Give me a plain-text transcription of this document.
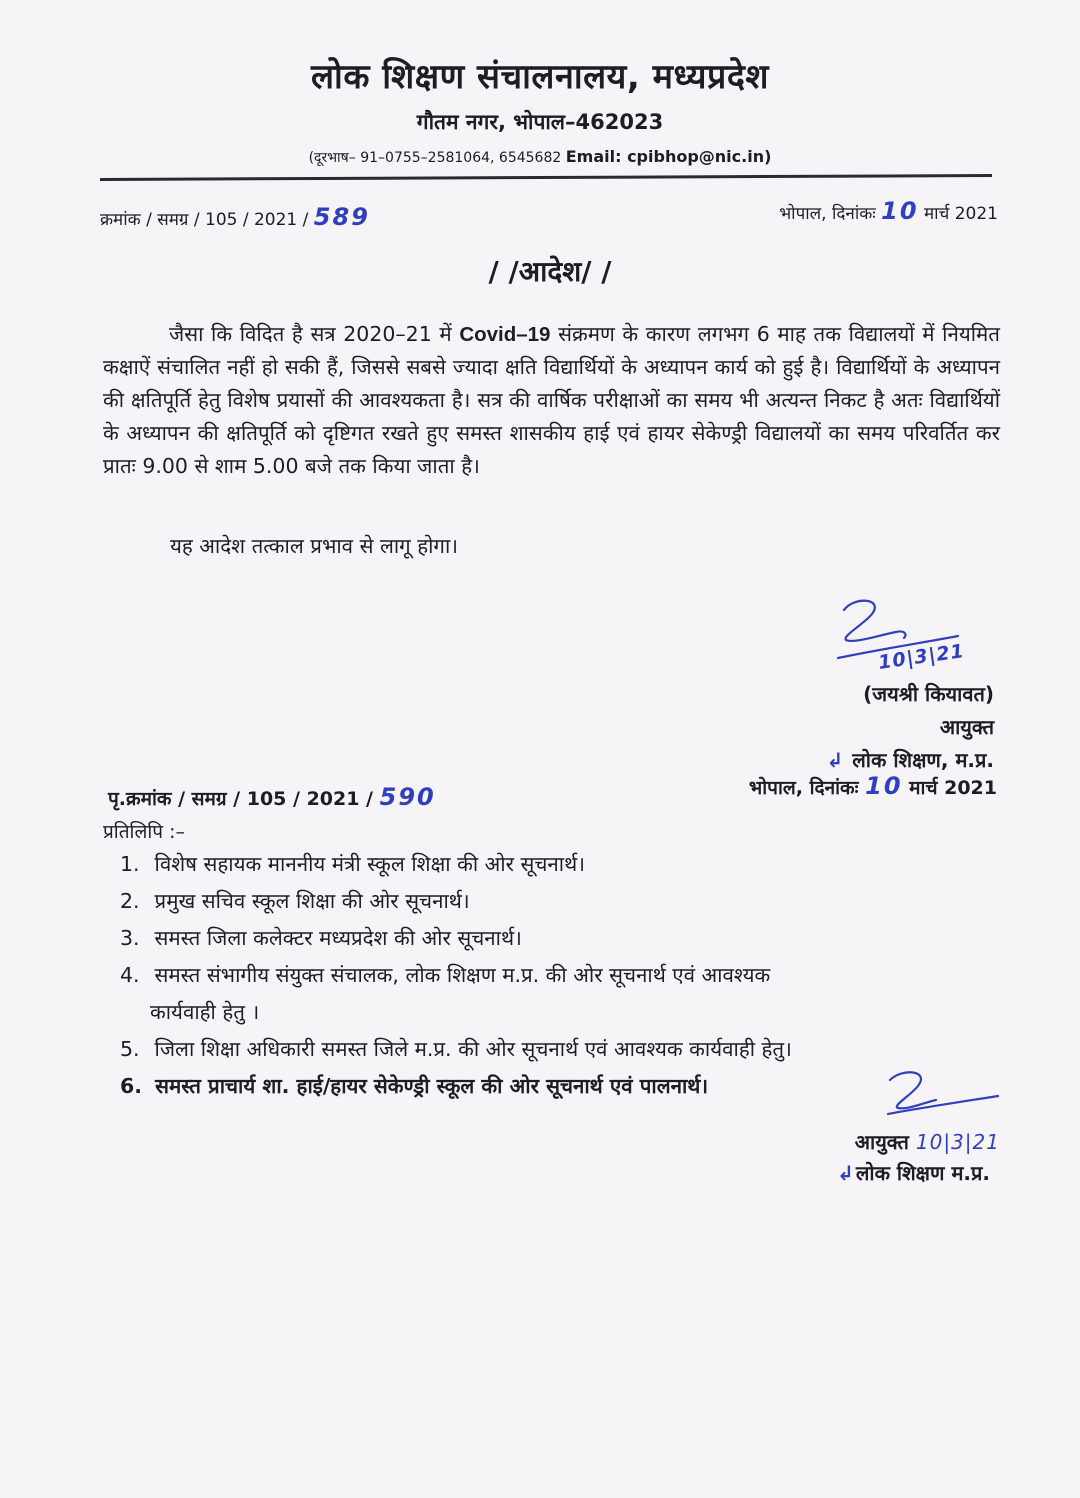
लोक शिक्षण संचालनालय, मध्यप्रदेश
गौतम नगर, भोपाल–462023
(दूरभाष– 91–0755–2581064, 6545682 Email: cpibhop@nic.in)
क्रमांक / समग्र / 105 / 2021 / 589	भोपाल, दिनांकः 10 मार्च 2021
/ /आदेश/ /

जैसा कि विदित है सत्र 2020–21 में Covid–19 संक्रमण के कारण लगभग 6 माह तक विद्यालयों में नियमित कक्षाऐं संचालित नहीं हो सकी हैं, जिससे सबसे ज्यादा क्षति विद्यार्थियों के अध्यापन कार्य को हुई है। विद्यार्थियों के अध्यापन की क्षतिपूर्ति हेतु विशेष प्रयासों की आवश्यकता है। सत्र की वार्षिक परीक्षाओं का समय भी अत्यन्त निकट है अतः विद्यार्थियों के अध्यापन की क्षतिपूर्ति को दृष्टिगत रखते हुए समस्त शासकीय हाई एवं हायर सेकेण्ड्री विद्यालयों का समय परिवर्तित कर प्रातः 9.00 से शाम 5.00 बजे तक किया जाता है।

यह आदेश तत्काल प्रभाव से लागू होगा।
10|3|21
(जयश्री कियावत)
आयुक्त
↲ लोक शिक्षण, म.प्र.
भोपाल, दिनांकः 10 मार्च 2021
पृ.क्रमांक / समग्र / 105 / 2021 / 590
प्रतिलिपि :–
1. विशेष सहायक माननीय मंत्री स्कूल शिक्षा की ओर सूचनार्थ।
2. प्रमुख सचिव स्कूल शिक्षा की ओर सूचनार्थ।
3. समस्त जिला कलेक्टर मध्यप्रदेश की ओर सूचनार्थ।
4. समस्त संभागीय संयुक्त संचालक, लोक शिक्षण म.प्र. की ओर सूचनार्थ एवं आवश्यक
कार्यवाही हेतु ।
5. जिला शिक्षा अधिकारी समस्त जिले म.प्र. की ओर सूचनार्थ एवं आवश्यक कार्यवाही हेतु।
6. समस्त प्राचार्य शा. हाई/हायर सेकेण्ड्री स्कूल की ओर सूचनार्थ एवं पालनार्थ।
आयुक्त 10|3|21
↲लोक शिक्षण म.प्र.
